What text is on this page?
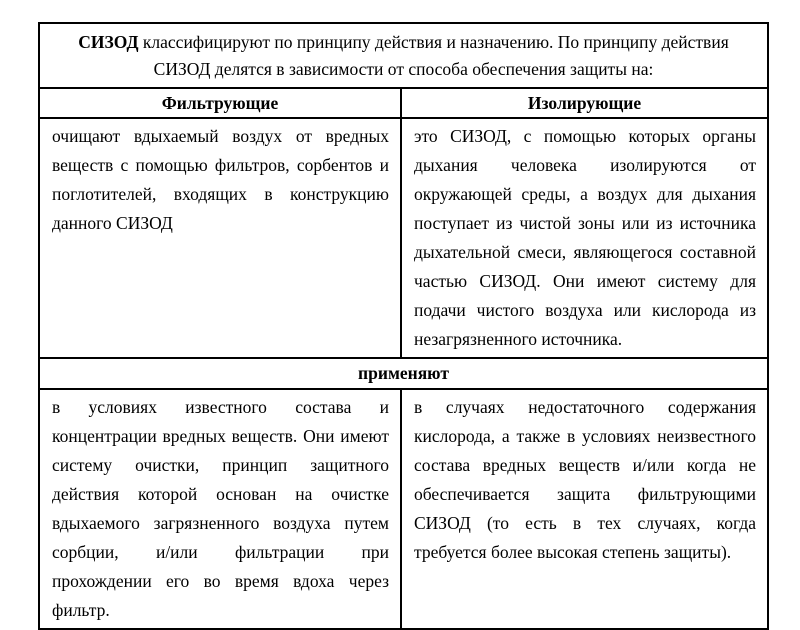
СИЗОД классифицируют по принципу действия и назначению. По принципу действия СИЗОД делятся в зависимости от способа обеспечения защиты на:	
Фильтрующие	Изолирующие
очищают вдыхаемый воздух от вредных веществ с помощью фильтров, сорбентов и поглотителей, входящих в конструкцию данного СИЗОД	это СИЗОД, с помощью которых органы дыхания человека изолируются от окружающей среды, а воздух для дыхания поступает из чистой зоны или из источника дыхательной смеси, являющегося составной частью СИЗОД. Они имеют систему для подачи чистого воздуха или кислорода из незагрязненного источника.
применяют	
в условиях известного состава и концентрации вредных веществ. Они имеют систему очистки, принцип защитного действия которой основан на очистке вдыхаемого загрязненного воздуха путем сорбции, и/или фильтрации при прохождении его во время вдоха через фильтр.	в случаях недостаточного содержания кислорода, а также в условиях неизвестного состава вредных веществ и/или когда не обеспечивается защита фильтрующими СИЗОД (то есть в тех случаях, когда требуется более высокая степень защиты).
